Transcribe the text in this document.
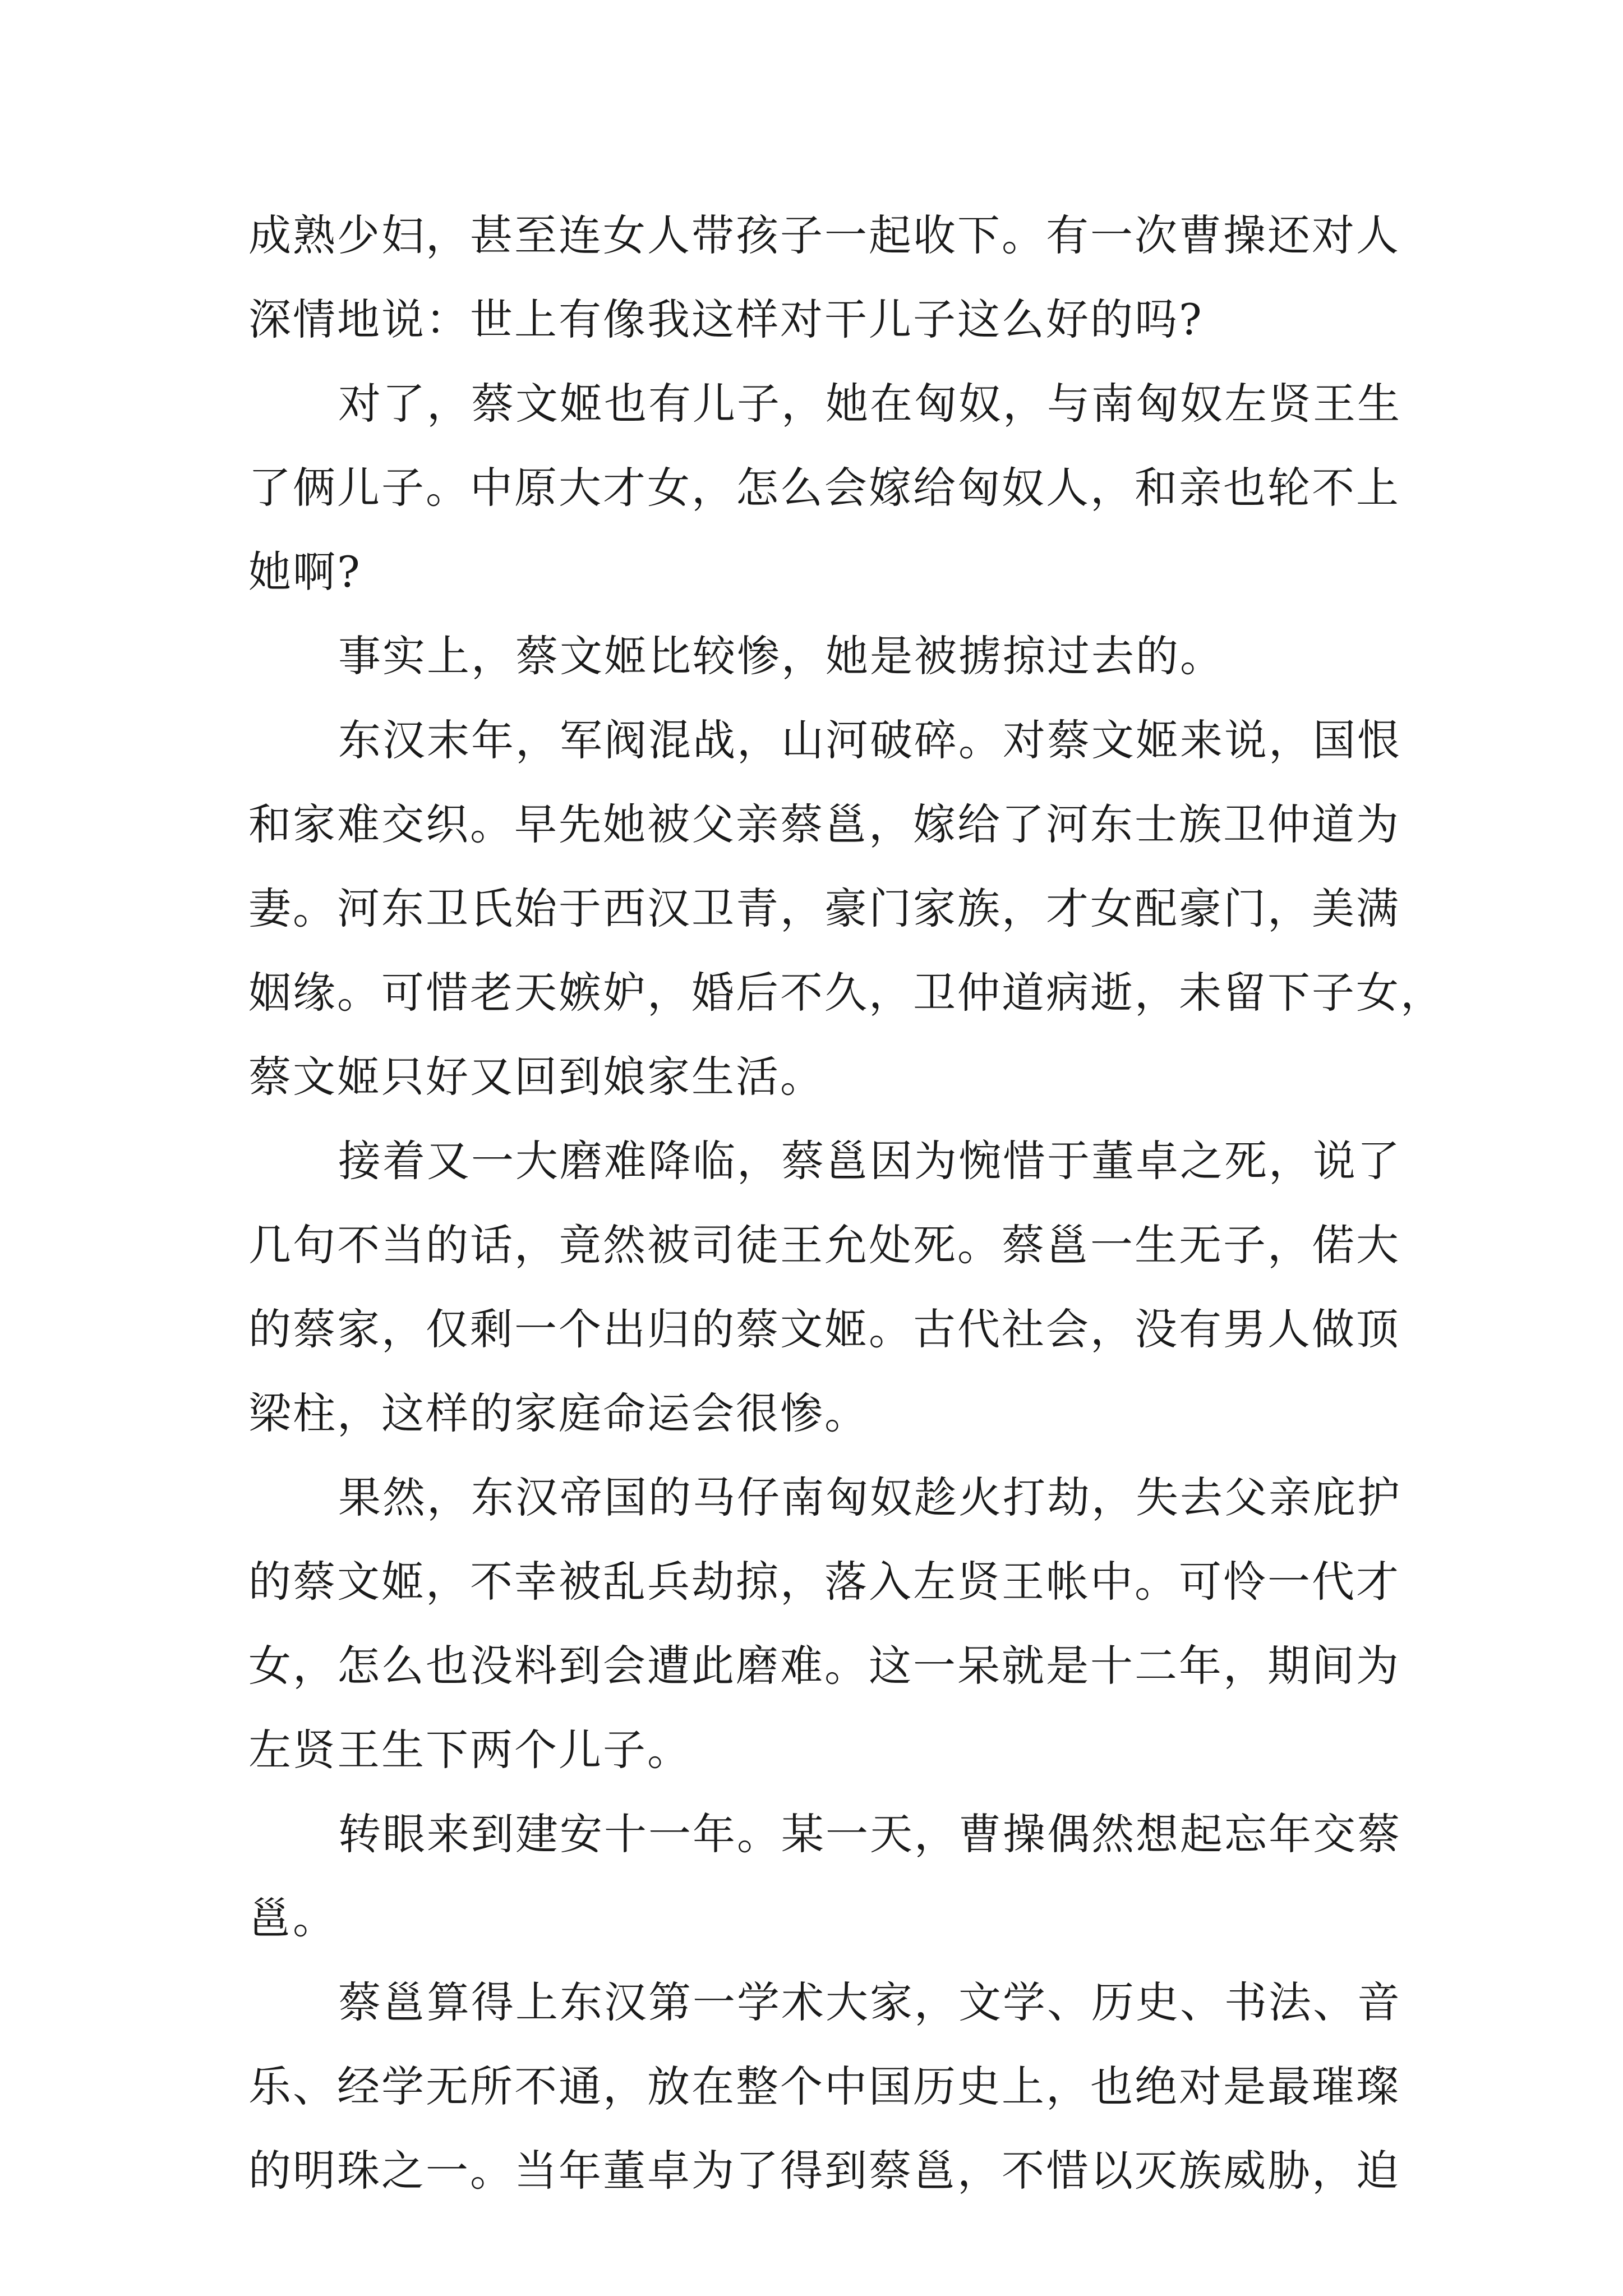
成熟少妇，甚至连女人带孩子一起收下。有一次曹操还对人
深情地说：世上有像我这样对干儿子这么好的吗?
对了，蔡文姬也有儿子，她在匈奴，与南匈奴左贤王生
了俩儿子。中原大才女，怎么会嫁给匈奴人，和亲也轮不上
她啊?
事实上，蔡文姬比较惨，她是被掳掠过去的。
东汉末年，军阀混战，山河破碎。对蔡文姬来说，国恨
和家难交织。早先她被父亲蔡邕，嫁给了河东士族卫仲道为
妻。河东卫氏始于西汉卫青，豪门家族，才女配豪门，美满
姻缘。可惜老天嫉妒，婚后不久，卫仲道病逝，未留下子女，
蔡文姬只好又回到娘家生活。
接着又一大磨难降临，蔡邕因为惋惜于董卓之死，说了
几句不当的话，竟然被司徒王允处死。蔡邕一生无子，偌大
的蔡家，仅剩一个出归的蔡文姬。古代社会，没有男人做顶
梁柱，这样的家庭命运会很惨。
果然，东汉帝国的马仔南匈奴趁火打劫，失去父亲庇护
的蔡文姬，不幸被乱兵劫掠，落入左贤王帐中。可怜一代才
女，怎么也没料到会遭此磨难。这一呆就是十二年，期间为
左贤王生下两个儿子。
转眼来到建安十一年。某一天，曹操偶然想起忘年交蔡
邕。
蔡邕算得上东汉第一学术大家，文学、历史、书法、音
乐、经学无所不通，放在整个中国历史上，也绝对是最璀璨
的明珠之一。当年董卓为了得到蔡邕，不惜以灭族威胁，迫
